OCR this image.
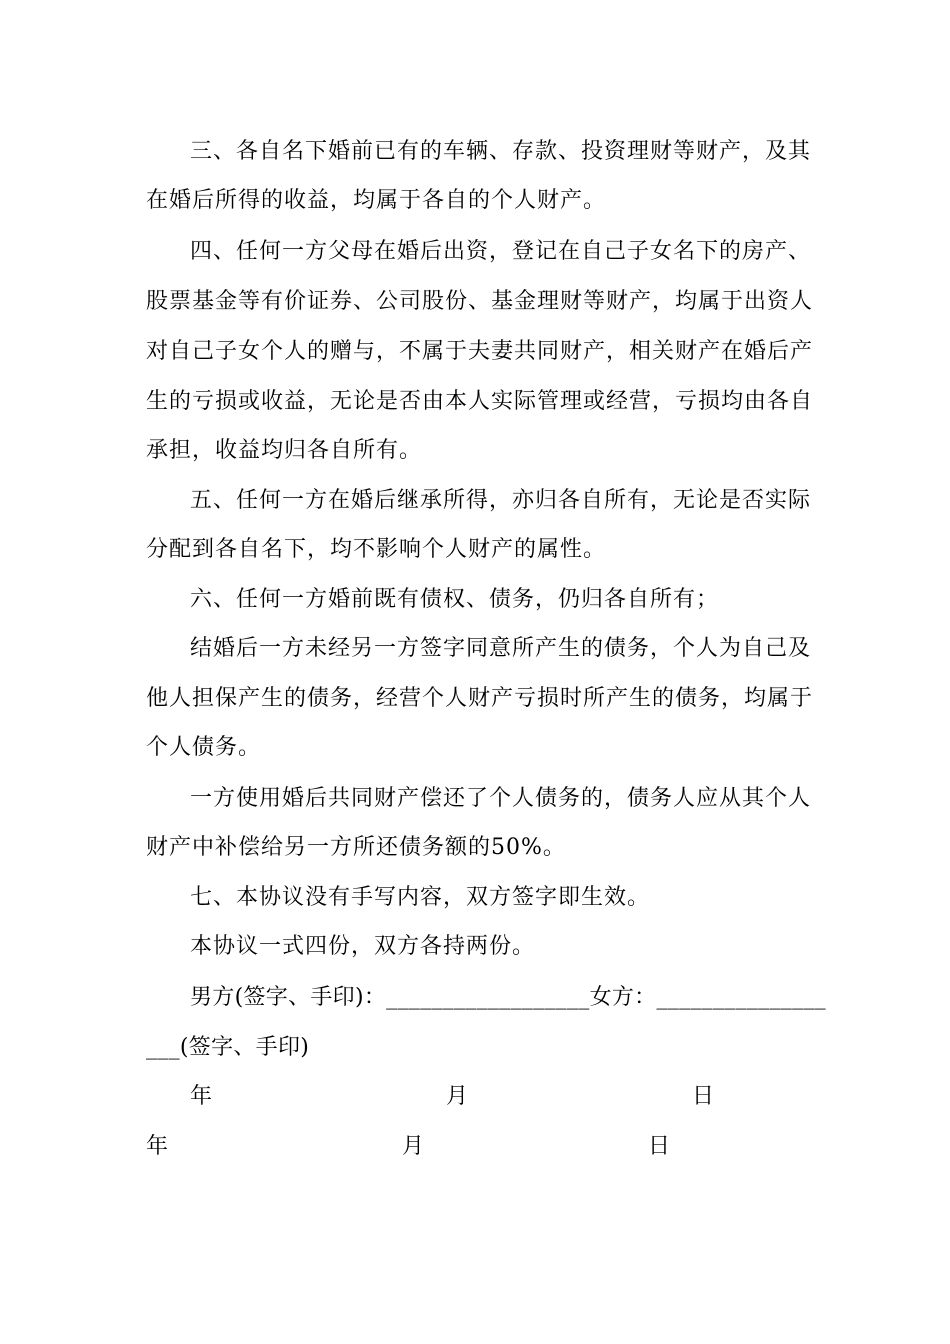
三、各自名下婚前已有的车辆、存款、投资理财等财产，及其
在婚后所得的收益，均属于各自的个人财产。
四、任何一方父母在婚后出资，登记在自己子女名下的房产、
股票基金等有价证券、公司股份、基金理财等财产，均属于出资人
对自己子女个人的赠与，不属于夫妻共同财产，相关财产在婚后产
生的亏损或收益，无论是否由本人实际管理或经营，亏损均由各自
承担，收益均归各自所有。
五、任何一方在婚后继承所得，亦归各自所有，无论是否实际
分配到各自名下，均不影响个人财产的属性。
六、任何一方婚前既有债权、债务，仍归各自所有；
结婚后一方未经另一方签字同意所产生的债务，个人为自己及
他人担保产生的债务，经营个人财产亏损时所产生的债务，均属于
个人债务。
一方使用婚后共同财产偿还了个人债务的，债务人应从其个人
财产中补偿给另一方所还债务额的50%。
七、本协议没有手写内容，双方签字即生效。
本协议一式四份，双方各持两份。
男方(签字、手印)：__________________女方：_______________
___(签字、手印)
年	月	日
年	月	日
